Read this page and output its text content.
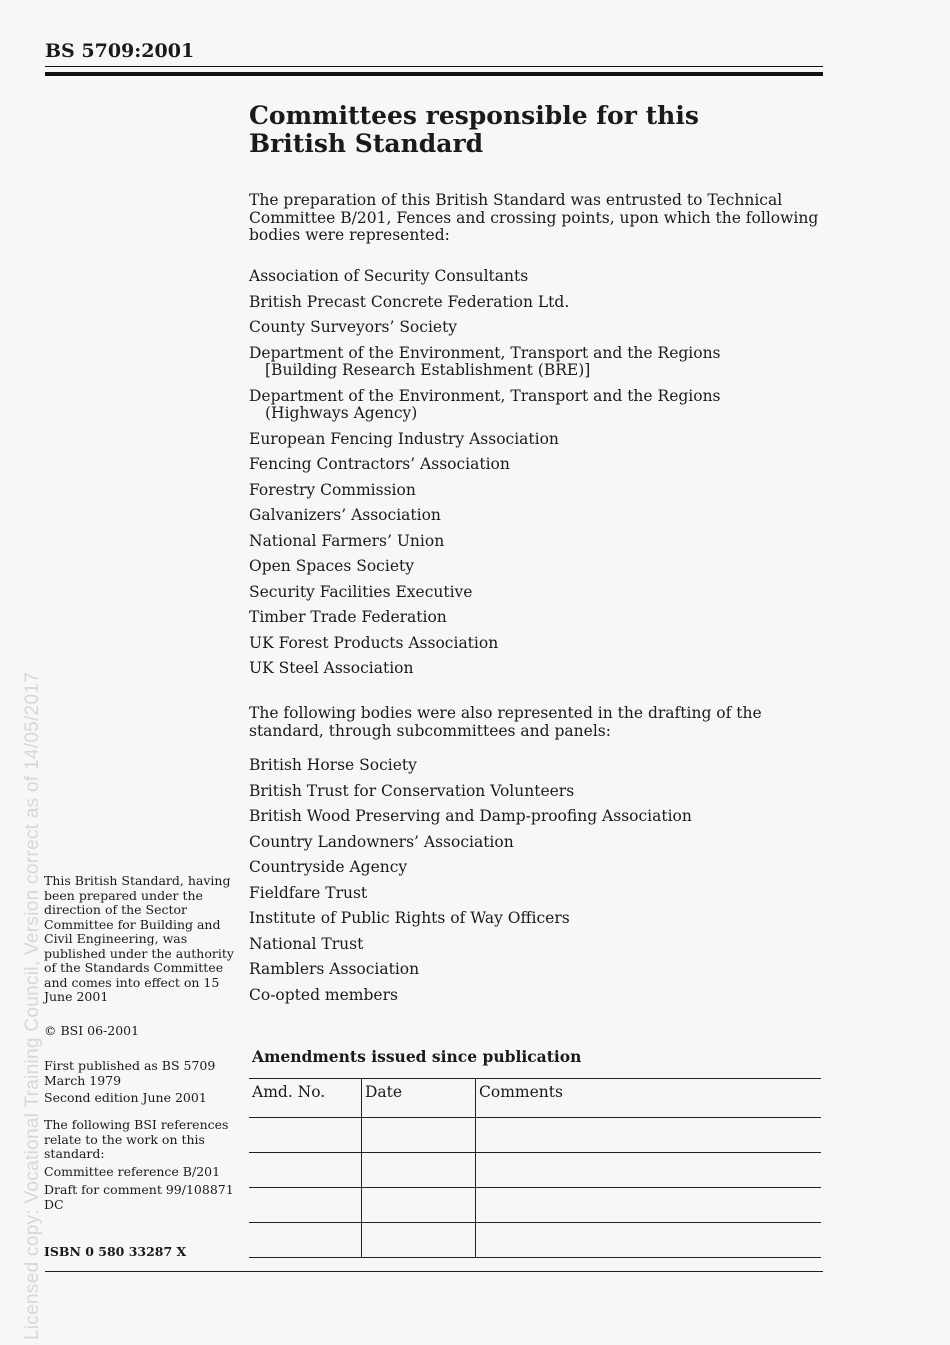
BS 5709:2001
Licensed copy: Vocational Training Council, Version correct as of 14/05/2017
Committees responsible for this
British Standard

The preparation of this British Standard was entrusted to Technical Committee B/201, Fences and crossing points, upon which the following bodies were represented:

Association of Security Consultants
British Precast Concrete Federation Ltd.
County Surveyors’ Society
Department of the Environment, Transport and the Regions
[Building Research Establishment (BRE)]
Department of the Environment, Transport and the Regions
(Highways Agency)
European Fencing Industry Association
Fencing Contractors’ Association
Forestry Commission
Galvanizers’ Association
National Farmers’ Union
Open Spaces Society
Security Facilities Executive
Timber Trade Federation
UK Forest Products Association
UK Steel Association

The following bodies were also represented in the drafting of the standard, through subcommittees and panels:

British Horse Society
British Trust for Conservation Volunteers
British Wood Preserving and Damp-proofing Association
Country Landowners’ Association
Countryside Agency
Fieldfare Trust
Institute of Public Rights of Way Officers
National Trust
Ramblers Association
Co-opted members
This British Standard, having been prepared under the direction of the Sector Committee for Building and Civil Engineering, was published under the authority of the Standards Committee and comes into effect on 15 June 2001
© BSI 06-2001
First published as BS 5709 March 1979
Second edition June 2001
The following BSI references relate to the work on this standard:
Committee reference B/201
Draft for comment 99/108871 DC
ISBN 0 580 33287 X
Amendments issued since publication
Amd. No.	Date	Comments
